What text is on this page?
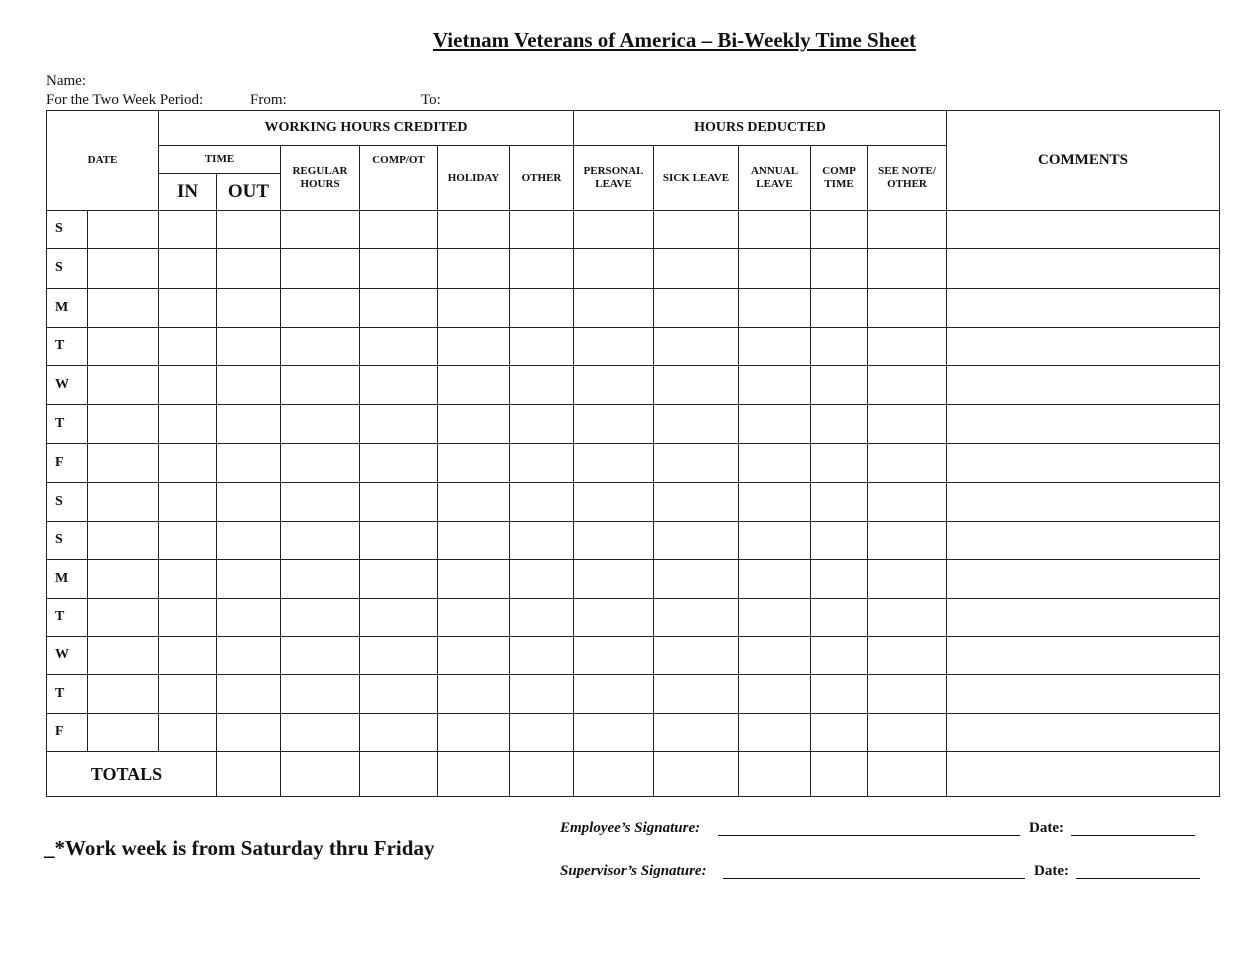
Vietnam Veterans of America – Bi-Weekly Time Sheet
Name:
For the Two Week Period:	From:	To:
DATE		WORKING HOURS CREDITED						HOURS DEDUCTED					COMMENTS
		TIME		REGULAR HOURS	COMP/OT	HOLIDAY	OTHER	PERSONAL LEAVE	SICK LEAVE	ANNUAL LEAVE	COMP TIME	SEE NOTE/ OTHER	
		IN	OUT										
S													
S													
M													
T													
W													
T													
F													
S													
S													
M													
T													
W													
T													
F													
TOTALS													
_*Work week is from Saturday thru Friday
Employee’s Signature:	Date:
Supervisor’s Signature:	Date:
